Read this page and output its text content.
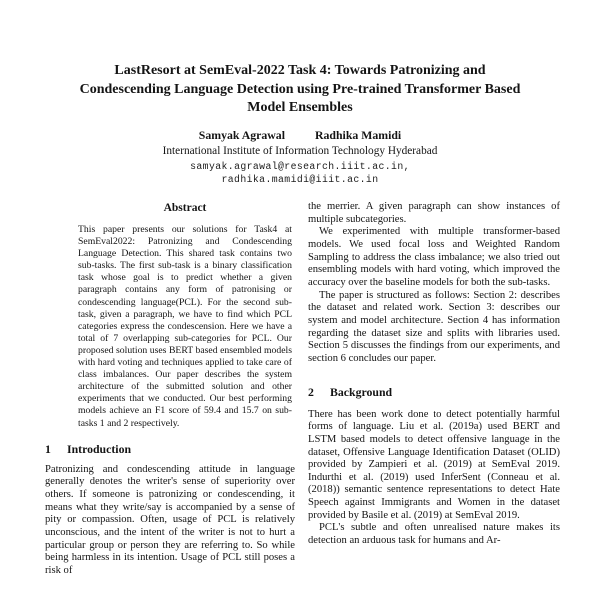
LastResort at SemEval-2022 Task 4: Towards Patronizing and
Condescending Language Detection using Pre-trained Transformer Based
Model Ensembles
Samyak Agrawal	Radhika Mamidi
International Institute of Information Technology Hyderabad
samyak.agrawal@research.iiit.ac.in,
radhika.mamidi@iiit.ac.in
Abstract

This paper presents our solutions for Task4 at SemEval2022: Patronizing and Condescending Language Detection. This shared task contains two sub-tasks. The first sub-task is a binary classification task whose goal is to predict whether a given paragraph contains any form of patronising or condescending language(PCL). For the second sub-task, given a paragraph, we have to find which PCL categories express the condescension. Here we have a total of 7 overlapping sub-categories for PCL. Our proposed solution uses BERT based ensembled models with hard voting and techniques applied to take care of class imbalances. Our paper describes the system architecture of the submitted solution and other experiments that we conducted. Our best performing models achieve an F1 score of 59.4 and 15.7 on sub-tasks 1 and 2 respectively.

1 Introduction

Patronizing and condescending attitude in language generally denotes the writer's sense of superiority over others. If someone is patronizing or condescending, it means what they write/say is accompanied by a sense of pity or compassion. Often, usage of PCL is relatively unconscious, and the intent of the writer is not to hurt a particular group or person they are referring to. So while being harmless in its intention. Usage of PCL still poses a risk of

the merrier. A given paragraph can show instances of multiple subcategories.

We experimented with multiple transformer-based models. We used focal loss and Weighted Random Sampling to address the class imbalance; we also tried out ensembling models with hard voting, which improved the accuracy over the baseline models for both the sub-tasks.

The paper is structured as follows: Section 2: describes the dataset and related work. Section 3: describes our system and model architecture. Section 4 has information regarding the dataset size and splits with libraries used. Section 5 discusses the findings from our experiments, and section 6 concludes our paper.

2 Background

There has been work done to detect potentially harmful forms of language. Liu et al. (2019a) used BERT and LSTM based models to detect offensive language in the dataset, Offensive Language Identification Dataset (OLID) provided by Zampieri et al. (2019) at SemEval 2019. Indurthi et al. (2019) used InferSent (Conneau et al. (2018)) semantic sentence representations to detect Hate Speech against Immigrants and Women in the dataset provided by Basile et al. (2019) at SemEval 2019.

PCL's subtle and often unrealised nature makes its detection an arduous task for humans and Ar-
